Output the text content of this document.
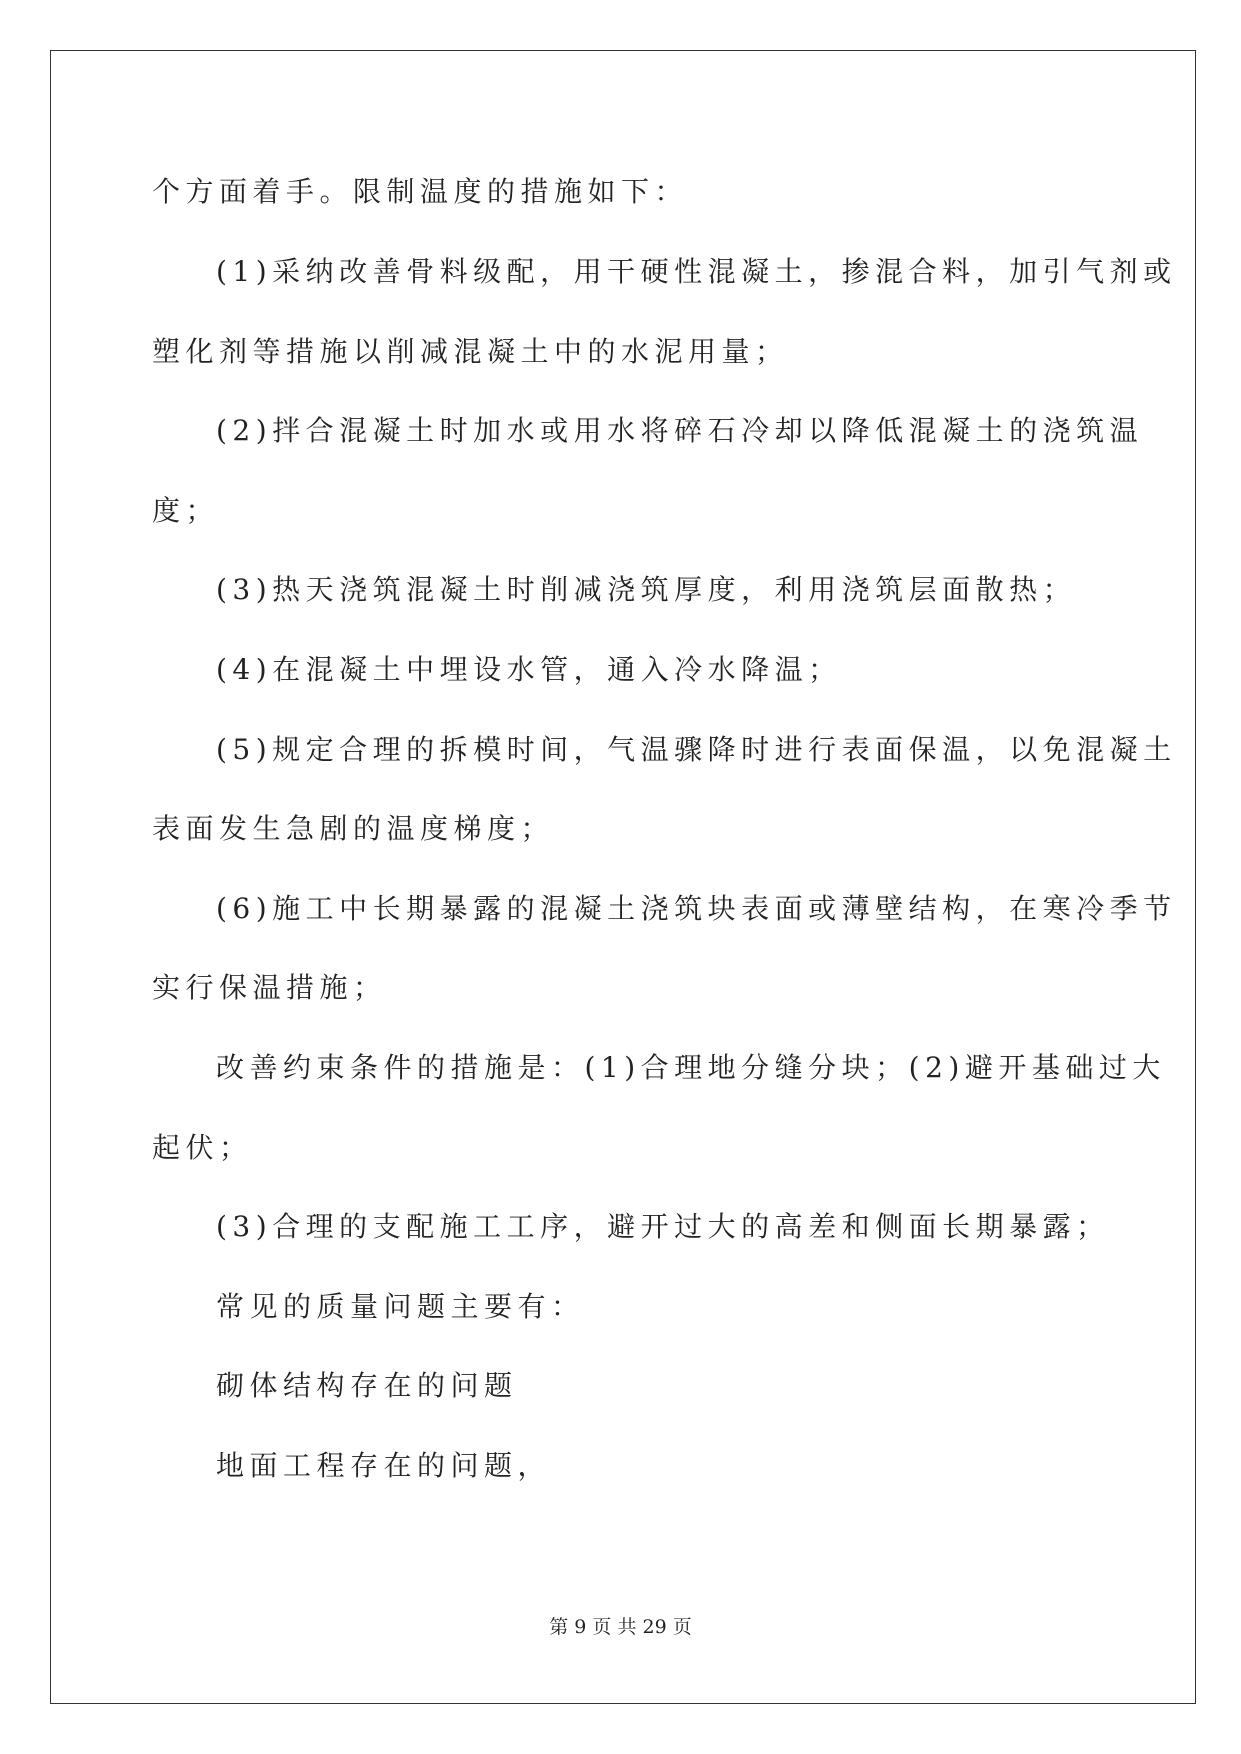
个方面着手。限制温度的措施如下：
(1)采纳改善骨料级配，用干硬性混凝土，掺混合料，加引气剂或
塑化剂等措施以削减混凝土中的水泥用量；
(2)拌合混凝土时加水或用水将碎石冷却以降低混凝土的浇筑温
度；
(3)热天浇筑混凝土时削减浇筑厚度，利用浇筑层面散热；
(4)在混凝土中埋设水管，通入冷水降温；
(5)规定合理的拆模时间，气温骤降时进行表面保温，以免混凝土
表面发生急剧的温度梯度；
(6)施工中长期暴露的混凝土浇筑块表面或薄壁结构，在寒冷季节
实行保温措施；
改善约束条件的措施是：(1)合理地分缝分块；(2)避开基础过大
起伏；
(3)合理的支配施工工序，避开过大的高差和侧面长期暴露；
常见的质量问题主要有：
砌体结构存在的问题
地面工程存在的问题，
第 9 页 共 29 页
